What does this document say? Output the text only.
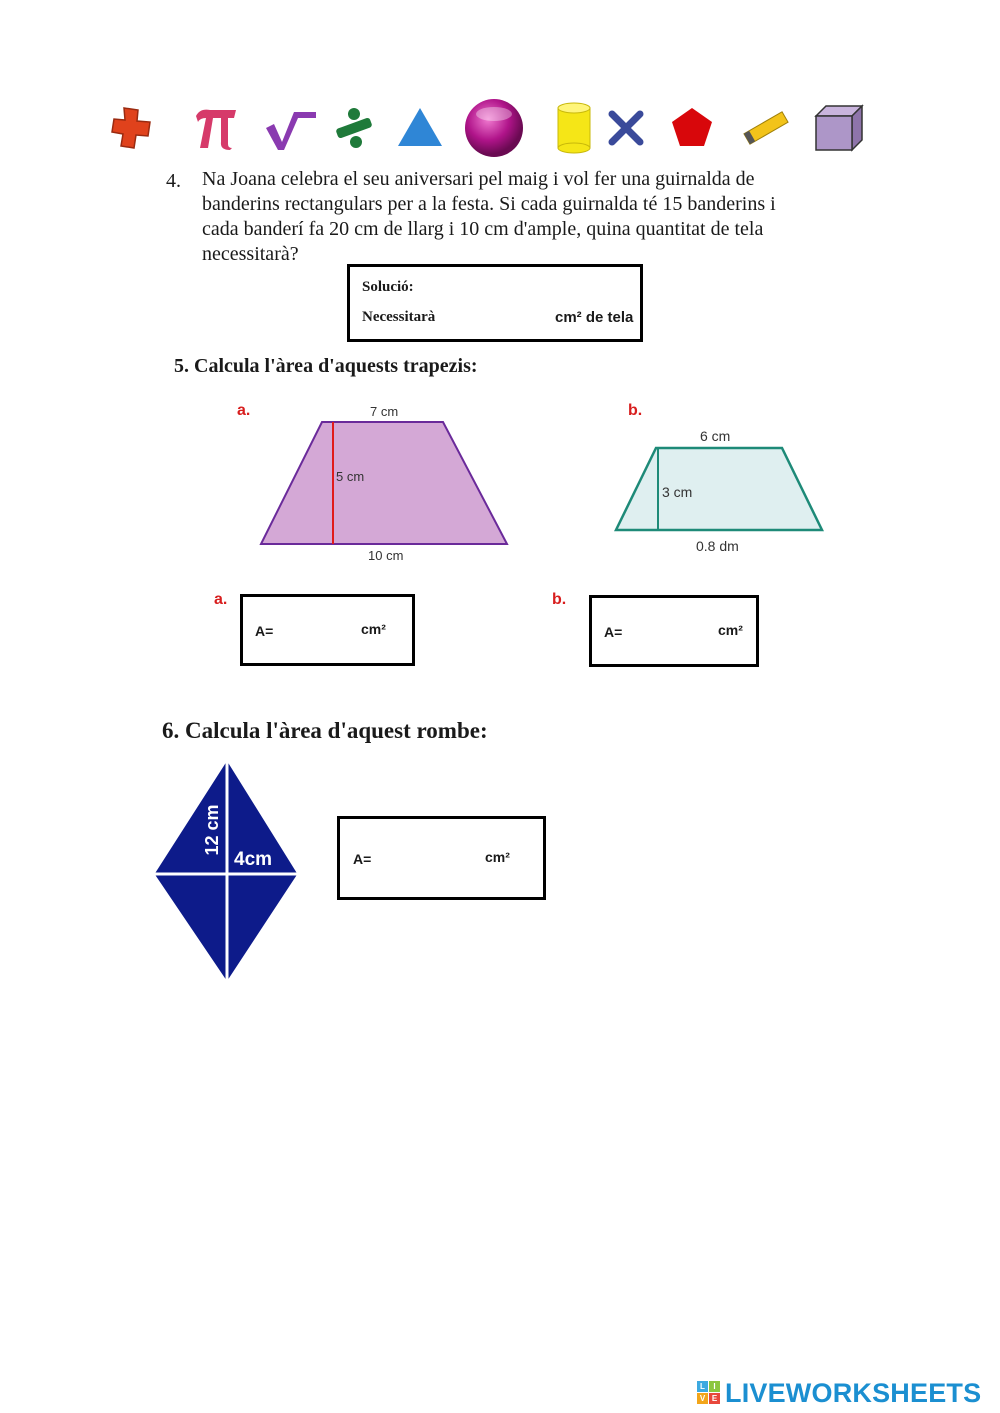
4. Na Joana celebra el seu aniversari pel maig i vol fer una guirnalda de
banderins rectangulars per a la festa. Si cada guirnalda té 15 banderins i
cada banderí fa 20 cm de llarg i 10 cm d'ample, quina quantitat de tela
necessitarà?
Solució:
Necessitarà	cm² de tela
5. Calcula l'àrea d'aquests trapezis:
a.	7 cm
5 cm
10 cm
b.
6 cm
3 cm
0.8 dm
a.
A=	cm²
b.
A=	cm²
6. Calcula l'àrea d'aquest rombe:
12 cm
4cm	A=	cm²
L	I
V E LIVEWORKSHEETS
